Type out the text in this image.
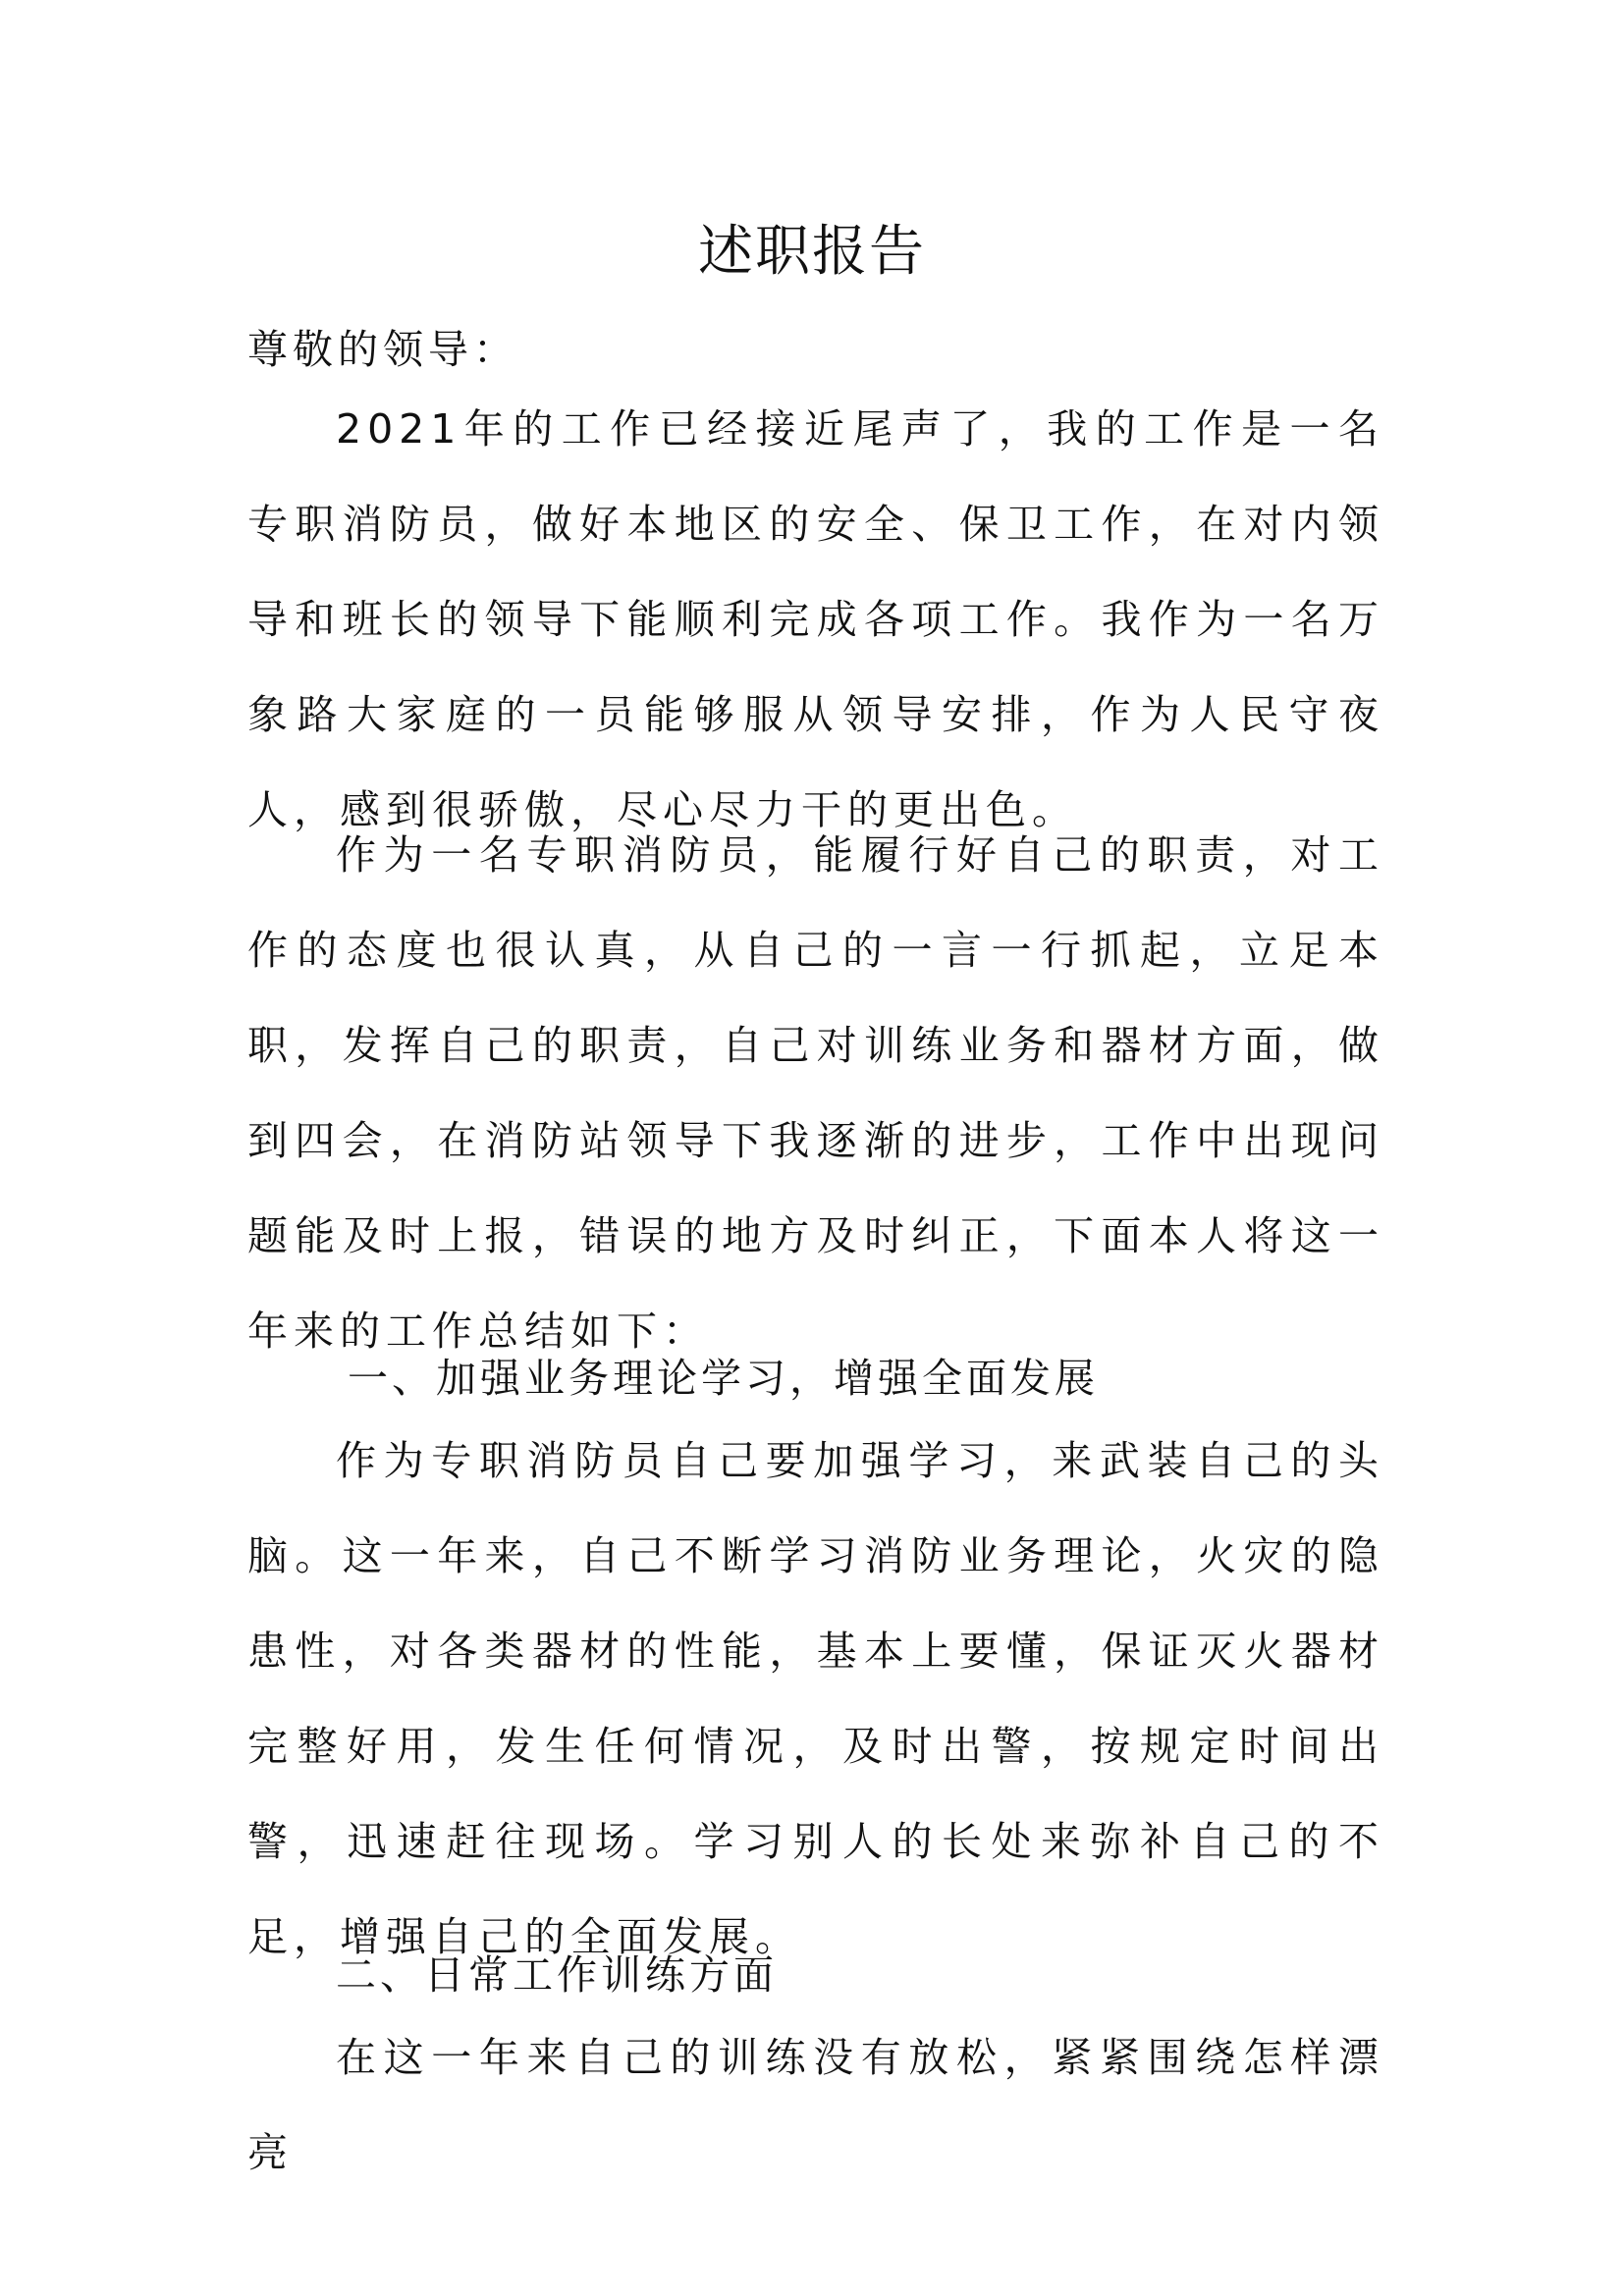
述职报告
尊敬的领导：
2021年的工作已经接近尾声了，我的工作是一名专职消防员，做好本地区的安全、保卫工作，在对内领导和班长的领导下能顺利完成各项工作。我作为一名万象路大家庭的一员能够服从领导安排，作为人民守夜人，感到很骄傲，尽心尽力干的更出色。
作为一名专职消防员，能履行好自己的职责，对工作的态度也很认真，从自己的一言一行抓起，立足本职，发挥自己的职责，自己对训练业务和器材方面，做到四会，在消防站领导下我逐渐的进步，工作中出现问题能及时上报，错误的地方及时纠正，下面本人将这一年来的工作总结如下：
一、加强业务理论学习，增强全面发展
作为专职消防员自己要加强学习，来武装自己的头脑。这一年来，自己不断学习消防业务理论，火灾的隐患性，对各类器材的性能，基本上要懂，保证灭火器材完整好用，发生任何情况，及时出警，按规定时间出警，迅速赶往现场。学习别人的长处来弥补自己的不足，增强自己的全面发展。
二、日常工作训练方面
在这一年来自己的训练没有放松，紧紧围绕怎样漂亮
